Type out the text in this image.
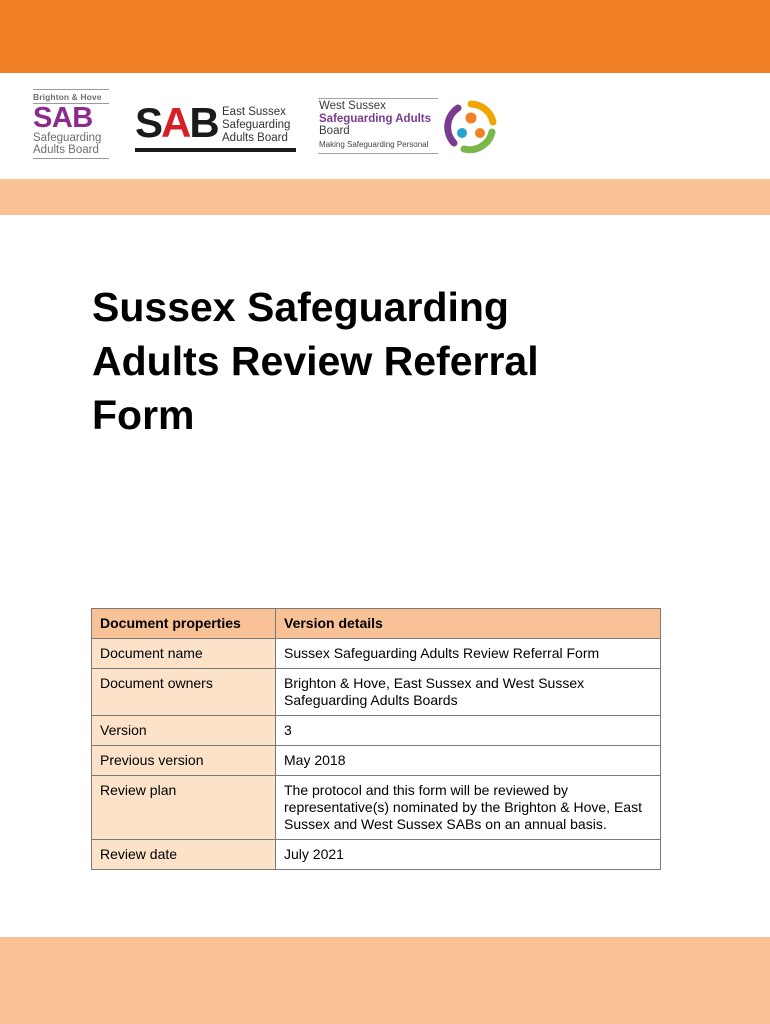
Brighton & Hove
SAB
Safeguarding
Adults Board
SAB East Sussex
Safeguarding
Adults Board
West Sussex
Safeguarding Adults
Board
Making Safeguarding Personal
Sussex Safeguarding
Adults Review Referral
Form
Document properties	Version details
Document name	Sussex Safeguarding Adults Review Referral Form
Document owners	Brighton & Hove, East Sussex and West Sussex Safeguarding Adults Boards
Version	3
Previous version	May 2018
Review plan	The protocol and this form will be reviewed by representative(s) nominated by the Brighton & Hove, East Sussex and West Sussex SABs on an annual basis.
Review date	July 2021
